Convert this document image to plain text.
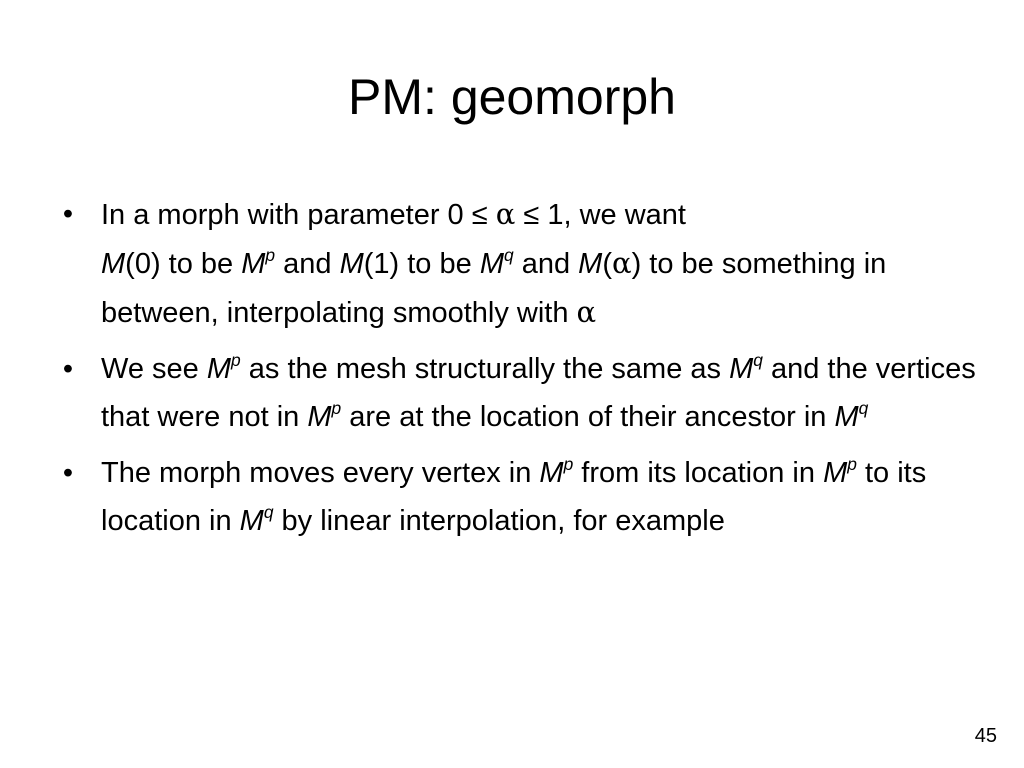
PM: geomorph
• In a morph with parameter 0 ≤ α ≤ 1, we want
M(0) to be $M^p$ and M(1) to be $M^q$ and M(α) to be something in between, interpolating smoothly with α
• We see $M^p$ as the mesh structurally the same as $M^q$ and the vertices that were not in $M^p$ are at the location of their ancestor in $M^q$
• The morph moves every vertex in $M^p$ from its location in $M^p$ to its location in $M^q$ by linear interpolation, for example
45
